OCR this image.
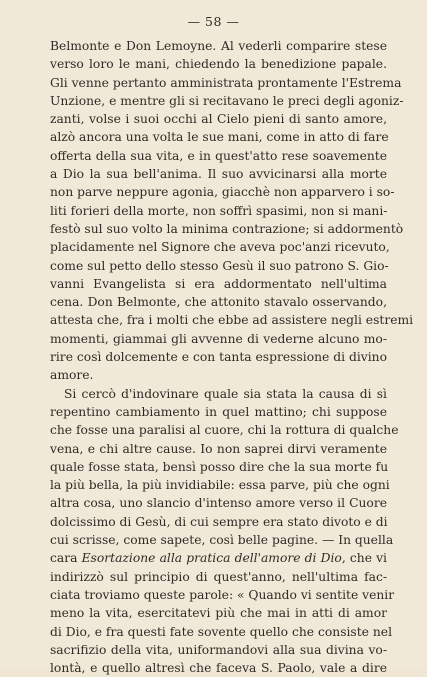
— 58 —
Belmonte e Don Lemoyne. Al vederli comparire stese
verso loro le mani, chiedendo la benedizione papale.
Gli venne pertanto amministrata prontamente l'Estrema
Unzione, e mentre gli si recitavano le preci degli agoniz-
zanti, volse i suoi occhi al Cielo pieni di santo amore,
alzò ancora una volta le sue mani, come in atto di fare
offerta della sua vita, e in quest'atto rese soavemente
a Dio la sua bell'anima. Il suo avvicinarsi alla morte
non parve neppure agonia, giacchè non apparvero i so-
liti forieri della morte, non soffrì spasimi, non si mani-
festò sul suo volto la minima contrazione; si addormentò
placidamente nel Signore che aveva poc'anzi ricevuto,
come sul petto dello stesso Gesù il suo patrono S. Gio-
vanni Evangelista si era addormentato nell'ultima
cena. Don Belmonte, che attonito stavalo osservando,
attesta che, fra i molti che ebbe ad assistere negli estremi
momenti, giammai gli avvenne di vederne alcuno mo-
rire così dolcemente e con tanta espressione di divino
amore.
Si cercò d'indovinare quale sia stata la causa di sì
repentino cambiamento in quel mattino; chi suppose
che fosse una paralisi al cuore, chi la rottura di qualche
vena, e chi altre cause. Io non saprei dirvi veramente
quale fosse stata, bensì posso dire che la sua morte fu
la più bella, la più invidiabile: essa parve, più che ogni
altra cosa, uno slancio d'intenso amore verso il Cuore
dolcissimo di Gesù, di cui sempre era stato divoto e di
cui scrisse, come sapete, così belle pagine. — In quella
cara Esortazione alla pratica dell'amore di Dio, che vi
indirizzò sul principio di quest'anno, nell'ultima fac-
ciata troviamo queste parole: « Quando vi sentite venir
meno la vita, esercitatevi più che mai in atti di amor
di Dio, e fra questi fate sovente quello che consiste nel
sacrifizio della vita, uniformandovi alla sua divina vo-
lontà, e quello altresì che faceva S. Paolo, vale a dire
